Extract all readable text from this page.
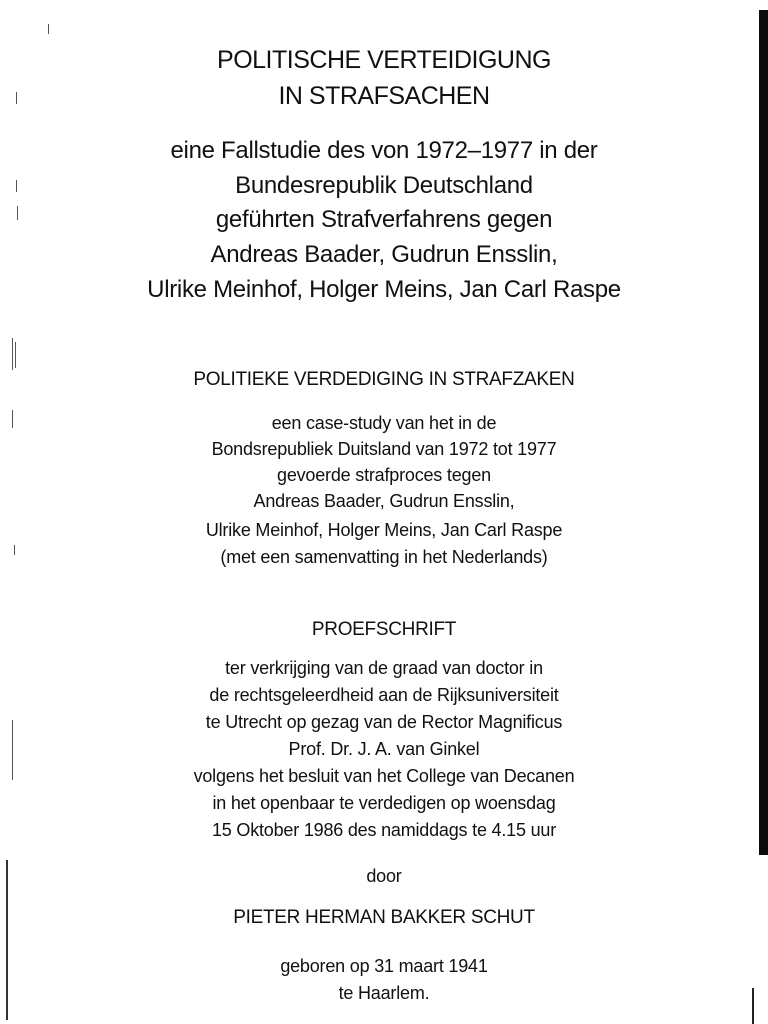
POLITISCHE VERTEIDIGUNG
IN STRAFSACHEN
eine Fallstudie des von 1972–1977 in der
Bundesrepublik Deutschland
geführten Strafverfahrens gegen
Andreas Baader, Gudrun Ensslin,
Ulrike Meinhof, Holger Meins, Jan Carl Raspe
POLITIEKE VERDEDIGING IN STRAFZAKEN
een case-study van het in de
Bondsrepubliek Duitsland van 1972 tot 1977
gevoerde strafproces tegen
Andreas Baader, Gudrun Ensslin,
Ulrike Meinhof, Holger Meins, Jan Carl Raspe
(met een samenvatting in het Nederlands)
PROEFSCHRIFT
ter verkrijging van de graad van doctor in
de rechtsgeleerdheid aan de Rijksuniversiteit
te Utrecht op gezag van de Rector Magnificus
Prof. Dr. J. A. van Ginkel
volgens het besluit van het College van Decanen
in het openbaar te verdedigen op woensdag
15 Oktober 1986 des namiddags te 4.15 uur
door
PIETER HERMAN BAKKER SCHUT
geboren op 31 maart 1941
te Haarlem.
